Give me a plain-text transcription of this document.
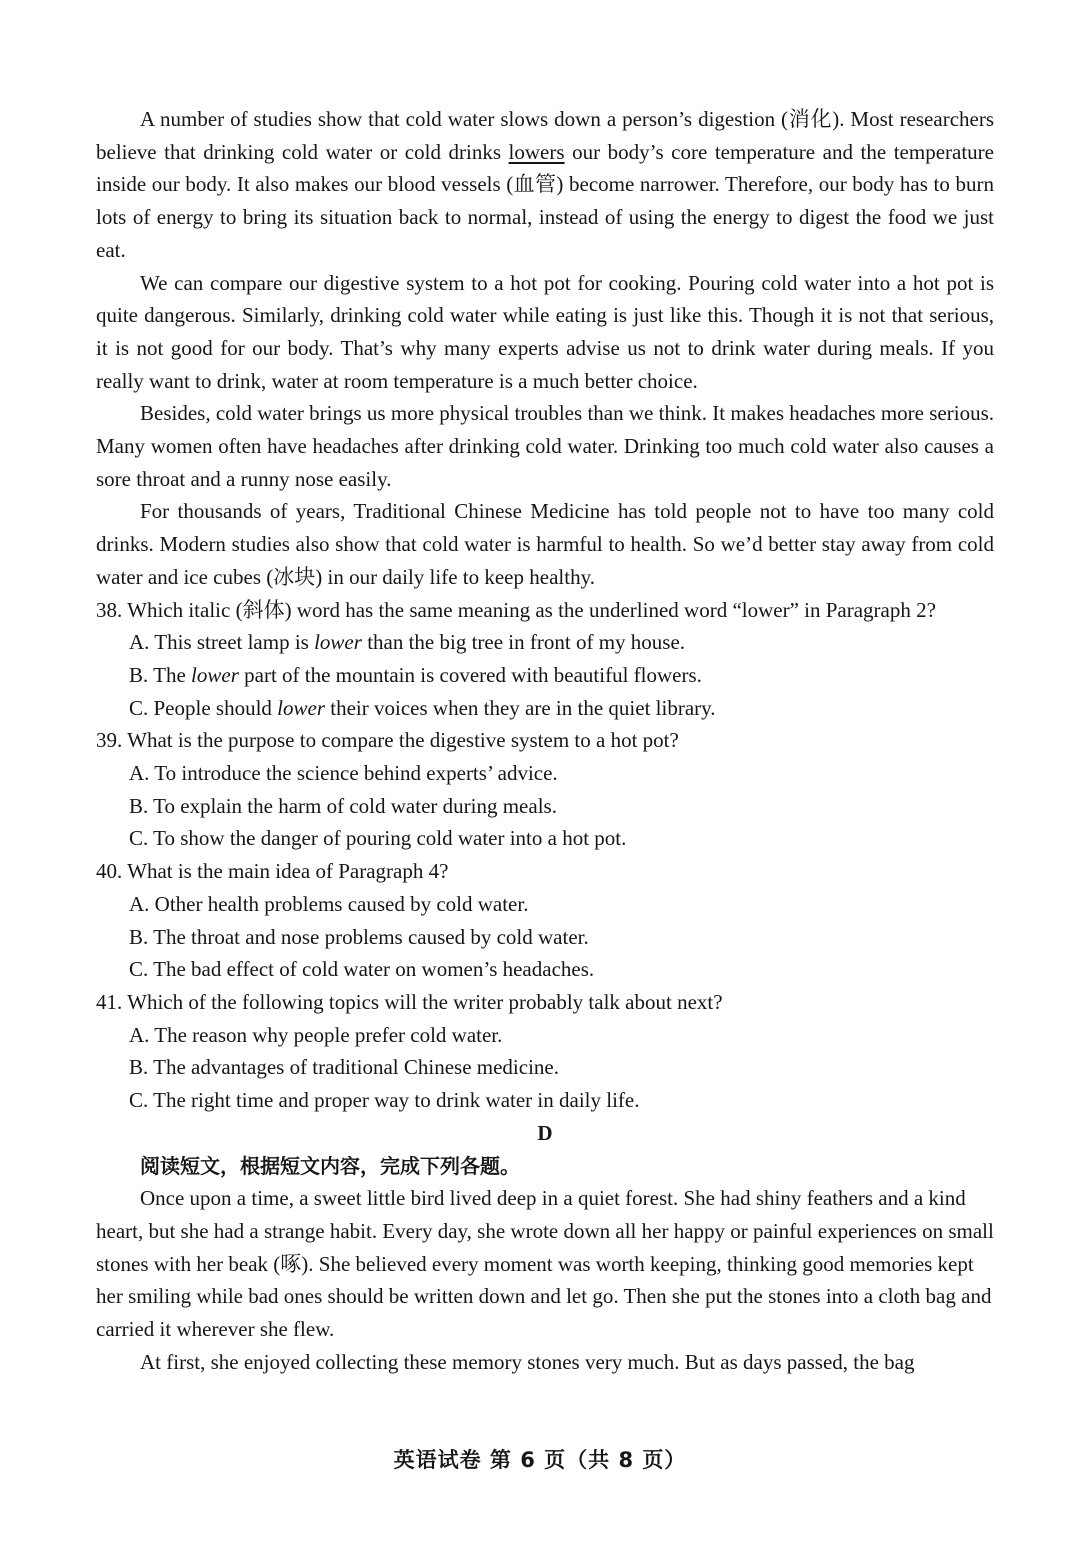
A number of studies show that cold water slows down a person’s digestion (消化). Most researchers believe that drinking cold water or cold drinks lowers our body’s core temperature and the temperature inside our body. It also makes our blood vessels (血管) become narrower. Therefore, our body has to burn lots of energy to bring its situation back to normal, instead of using the energy to digest the food we just eat.

We can compare our digestive system to a hot pot for cooking. Pouring cold water into a hot pot is quite dangerous. Similarly, drinking cold water while eating is just like this. Though it is not that serious, it is not good for our body. That’s why many experts advise us not to drink water during meals. If you really want to drink, water at room temperature is a much better choice.

Besides, cold water brings us more physical troubles than we think. It makes headaches more serious. Many women often have headaches after drinking cold water. Drinking too much cold water also causes a sore throat and a runny nose easily.

For thousands of years, Traditional Chinese Medicine has told people not to have too many cold drinks. Modern studies also show that cold water is harmful to health. So we’d better stay away from cold water and ice cubes (冰块) in our daily life to keep healthy.

38. Which italic (斜体) word has the same meaning as the underlined word “lower” in Paragraph 2?

A. This street lamp is lower than the big tree in front of my house.

B. The lower part of the mountain is covered with beautiful flowers.

C. People should lower their voices when they are in the quiet library.

39. What is the purpose to compare the digestive system to a hot pot?

A. To introduce the science behind experts’ advice.

B. To explain the harm of cold water during meals.

C. To show the danger of pouring cold water into a hot pot.

40. What is the main idea of Paragraph 4?

A. Other health problems caused by cold water.

B. The throat and nose problems caused by cold water.

C. The bad effect of cold water on women’s headaches.

41. Which of the following topics will the writer probably talk about next?

A. The reason why people prefer cold water.

B. The advantages of traditional Chinese medicine.

C. The right time and proper way to drink water in daily life.

D

阅读短文，根据短文内容，完成下列各题。

Once upon a time, a sweet little bird lived deep in a quiet forest. She had shiny feathers and a kind heart, but she had a strange habit. Every day, she wrote down all her happy or painful experiences on small stones with her beak (啄). She believed every moment was worth keeping, thinking good memories kept her smiling while bad ones should be written down and let go. Then she put the stones into a cloth bag and carried it wherever she flew.

At first, she enjoyed collecting these memory stones very much. But as days passed, the bag

英语试卷 第 6 页（共 8 页）
